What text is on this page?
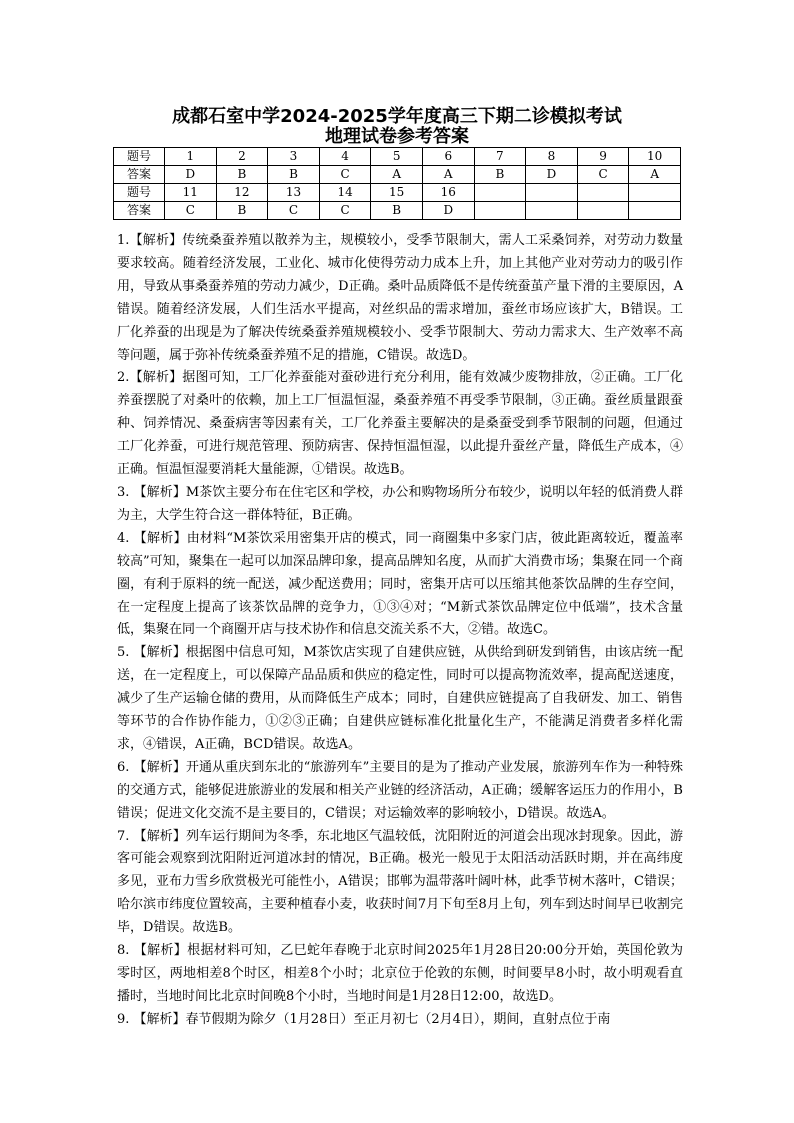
成都石室中学2024-2025学年度高三下期二诊模拟考试
地理试卷参考答案
题号	1	2	3	4	5	6	7	8	9	10
答案	D	B	B	C	A	A	B	D	C	A
题号	11	12	13	14	15	16				
答案	C	B	C	C	B	D				

1.【解析】传统桑蚕养殖以散养为主，规模较小，受季节限制大，需人工采桑饲养，对劳动力数量要求较高。随着经济发展，工业化、城市化使得劳动力成本上升，加上其他产业对劳动力的吸引作用，导致从事桑蚕养殖的劳动力减少，D正确。桑叶品质降低不是传统蚕茧产量下滑的主要原因，A错误。随着经济发展，人们生活水平提高，对丝织品的需求增加，蚕丝市场应该扩大，B错误。工厂化养蚕的出现是为了解决传统桑蚕养殖规模较小、受季节限制大、劳动力需求大、生产效率不高等问题，属于弥补传统桑蚕养殖不足的措施，C错误。故选D。

2.【解析】据图可知，工厂化养蚕能对蚕砂进行充分利用，能有效减少废物排放，②正确。工厂化养蚕摆脱了对桑叶的依赖，加上工厂恒温恒湿，桑蚕养殖不再受季节限制，③正确。蚕丝质量跟蚕种、饲养情况、桑蚕病害等因素有关，工厂化养蚕主要解决的是桑蚕受到季节限制的问题，但通过工厂化养蚕，可进行规范管理、预防病害、保持恒温恒湿，以此提升蚕丝产量，降低生产成本，④正确。恒温恒湿要消耗大量能源，①错误。故选B。

3. 【解析】M茶饮主要分布在住宅区和学校，办公和购物场所分布较少，说明以年轻的低消费人群为主，大学生符合这一群体特征，B正确。

4. 【解析】由材料“M茶饮采用密集开店的模式，同一商圈集中多家门店，彼此距离较近，覆盖率较高”可知，聚集在一起可以加深品牌印象，提高品牌知名度，从而扩大消费市场；集聚在同一个商圈，有利于原料的统一配送，减少配送费用；同时，密集开店可以压缩其他茶饮品牌的生存空间，在一定程度上提高了该茶饮品牌的竞争力，①③④对；“M新式茶饮品牌定位中低端”，技术含量低，集聚在同一个商圈开店与技术协作和信息交流关系不大，②错。故选C。

5. 【解析】根据图中信息可知，M茶饮店实现了自建供应链，从供给到研发到销售，由该店统一配送，在一定程度上，可以保障产品品质和供应的稳定性，同时可以提高物流效率，提高配送速度，减少了生产运输仓储的费用，从而降低生产成本；同时，自建供应链提高了自我研发、加工、销售等环节的合作协作能力，①②③正确；自建供应链标准化批量化生产，不能满足消费者多样化需求，④错误，A正确，BCD错误。故选A。

6. 【解析】开通从重庆到东北的“旅游列车”主要目的是为了推动产业发展，旅游列车作为一种特殊的交通方式，能够促进旅游业的发展和相关产业链的经济活动，A正确；缓解客运压力的作用小，B错误；促进文化交流不是主要目的，C错误；对运输效率的影响较小，D错误。故选A。

7. 【解析】列车运行期间为冬季，东北地区气温较低，沈阳附近的河道会出现冰封现象。因此，游客可能会观察到沈阳附近河道冰封的情况，B正确。极光一般见于太阳活动活跃时期，并在高纬度多见，亚布力雪乡欣赏极光可能性小，A错误；邯郸为温带落叶阔叶林，此季节树木落叶，C错误；哈尔滨市纬度位置较高，主要种植春小麦，收获时间7月下旬至8月上旬，列车到达时间早已收割完毕，D错误。故选B。

8. 【解析】根据材料可知，乙巳蛇年春晚于北京时间2025年1月28日20:00分开始，英国伦敦为零时区，两地相差8个时区，相差8个小时；北京位于伦敦的东侧，时间要早8小时，故小明观看直播时，当地时间比北京时间晚8个小时，当地时间是1月28日12:00，故选D。

9. 【解析】春节假期为除夕（1月28日）至正月初七（2月4日），期间，直射点位于南
